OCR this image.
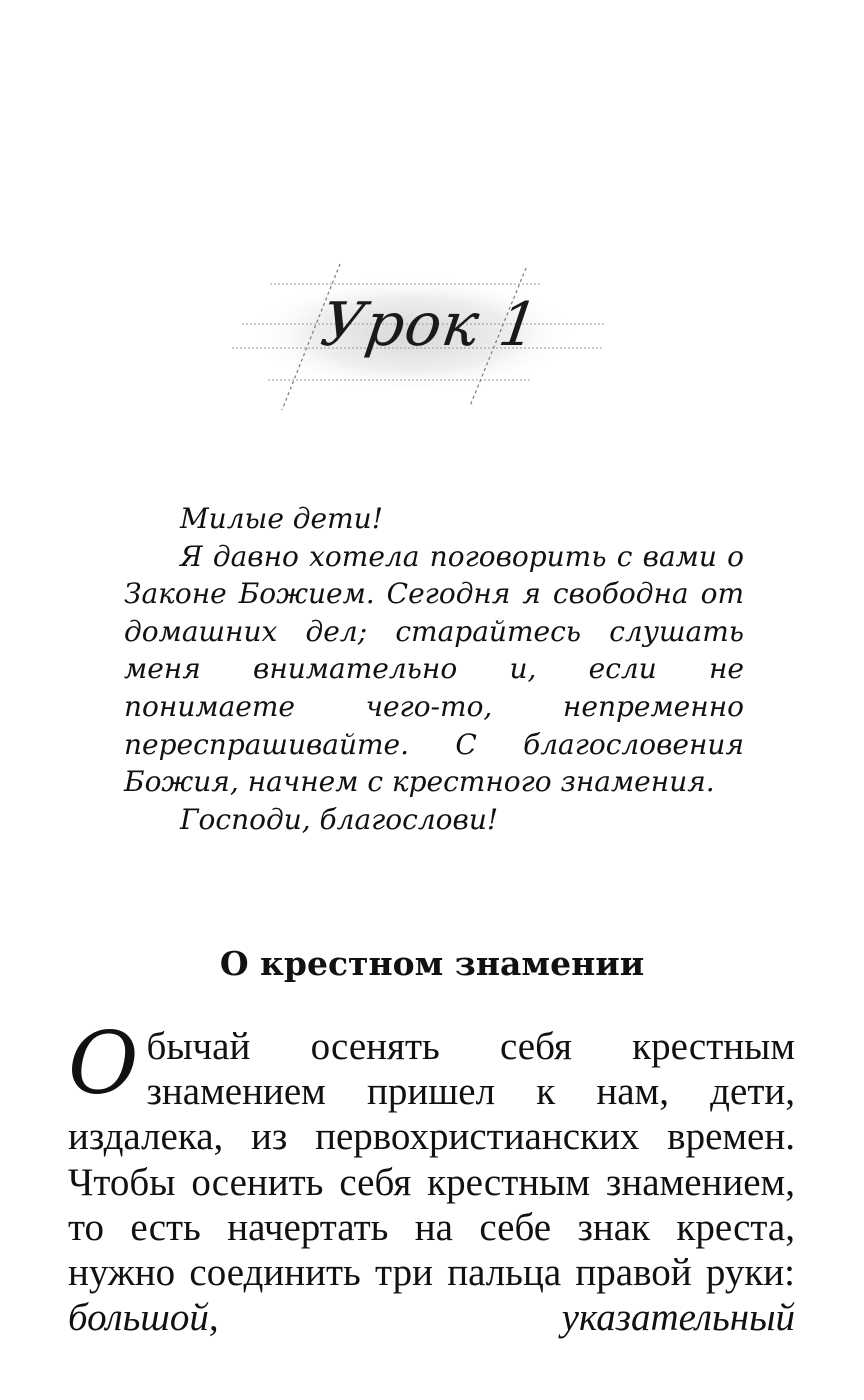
Урок 1

Милые дети!

Я давно хотела поговорить с вами о Законе Божием. Сегодня я свободна от домашних дел; старайтесь слушать меня внимательно и, если не понимаете чего-то, непременно переспрашивайте. С благословения Божия, начнем с крестного знамения.

Господи, благослови!

О крестном знамении

Обычай осенять себя крестным знамением пришел к нам, дети, издалека, из первохристианских времен. Чтобы осенить себя крестным знамением, то есть начертать на себе знак креста, нужно соединить три пальца правой руки: большой, указательный
